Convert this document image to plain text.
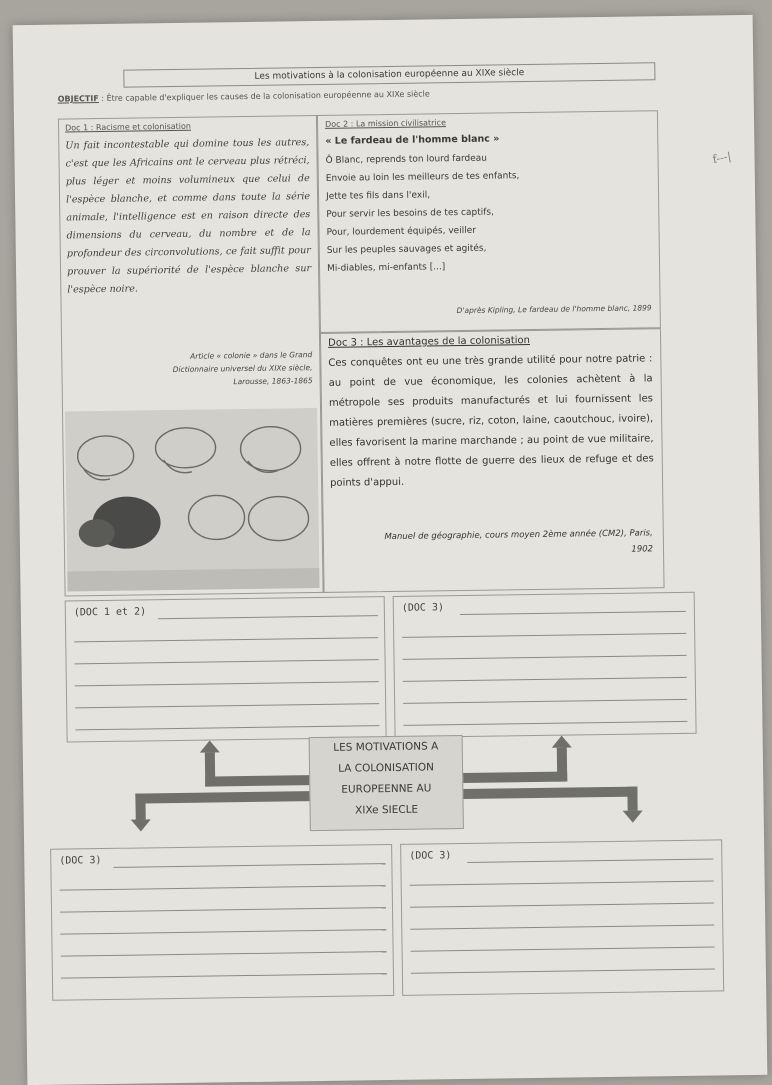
f---|
Les motivations à la colonisation européenne au XIXe siècle
OBJECTIF : Être capable d'expliquer les causes de la colonisation européenne au XIXe siècle
Doc 1 : Racisme et colonisation
Un fait incontestable qui domine tous les autres, c'est que les Africains ont le cerveau plus rétréci, plus léger et moins volumineux que celui de l'espèce blanche, et comme dans toute la série animale, l'intelligence est en raison directe des dimensions du cerveau, du nombre et de la profondeur des circonvolutions, ce fait suffit pour prouver la supériorité de l'espèce blanche sur l'espèce noire.
Article « colonie » dans le Grand
Dictionnaire universel du XIXe siècle,
Larousse, 1863-1865
Doc 2 : La mission civilisatrice
« Le fardeau de l'homme blanc »
Ô Blanc, reprends ton lourd fardeau
Envoie au loin les meilleurs de tes enfants,
Jette tes fils dans l'exil,
Pour servir les besoins de tes captifs,
Pour, lourdement équipés, veiller
Sur les peuples sauvages et agités,
Mi-diables, mi-enfants [...]
D'après Kipling, Le fardeau de l'homme blanc, 1899
Doc 3 : Les avantages de la colonisation
Ces conquêtes ont eu une très grande utilité pour notre patrie : au point de vue économique, les colonies achètent à la métropole ses produits manufacturés et lui fournissent les matières premières (sucre, riz, coton, laine, caoutchouc, ivoire), elles favorisent la marine marchande ; au point de vue militaire, elles offrent à notre flotte de guerre des lieux de refuge et des points d'appui.
Manuel de géographie, cours moyen 2ème année (CM2), Paris,
1902
(DOC 1 et 2)	(DOC 3)
LES MOTIVATIONS A
LA COLONISATION
EUROPEENNE AU
XIXe SIECLE
(DOC 3)	(DOC 3)
